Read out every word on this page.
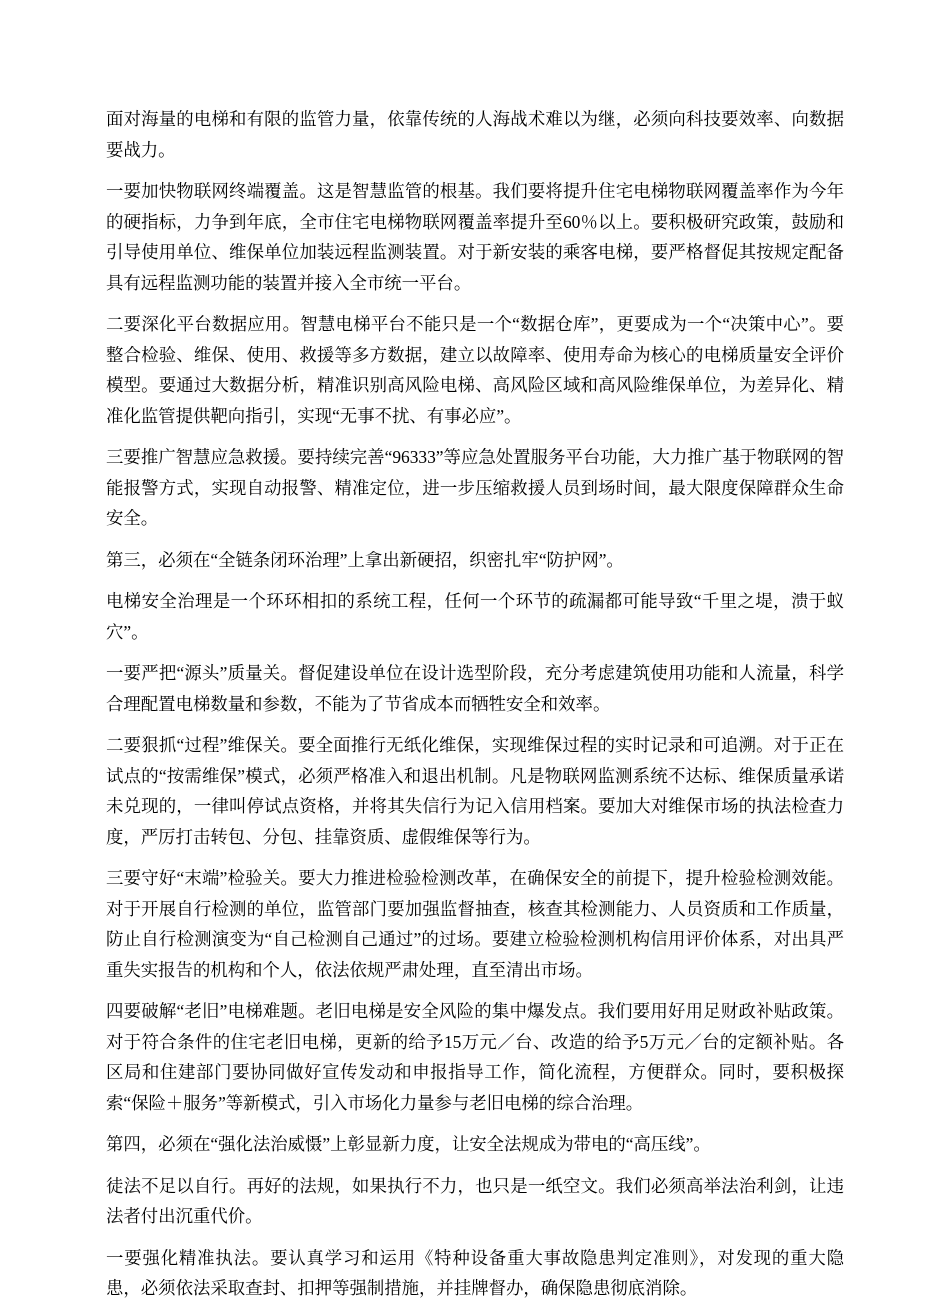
面对海量的电梯和有限的监管力量，依靠传统的人海战术难以为继，必须向科技要效率、向数据要战力。

一要加快物联网终端覆盖。这是智慧监管的根基。我们要将提升住宅电梯物联网覆盖率作为今年的硬指标，力争到年底，全市住宅电梯物联网覆盖率提升至60％以上。要积极研究政策，鼓励和引导使用单位、维保单位加装远程监测装置。对于新安装的乘客电梯，要严格督促其按规定配备具有远程监测功能的装置并接入全市统一平台。

二要深化平台数据应用。智慧电梯平台不能只是一个“数据仓库”，更要成为一个“决策中心”。要整合检验、维保、使用、救援等多方数据，建立以故障率、使用寿命为核心的电梯质量安全评价模型。要通过大数据分析，精准识别高风险电梯、高风险区域和高风险维保单位，为差异化、精准化监管提供靶向指引，实现“无事不扰、有事必应”。

三要推广智慧应急救援。要持续完善“96333”等应急处置服务平台功能，大力推广基于物联网的智能报警方式，实现自动报警、精准定位，进一步压缩救援人员到场时间，最大限度保障群众生命安全。

第三，必须在“全链条闭环治理”上拿出新硬招，织密扎牢“防护网”。

电梯安全治理是一个环环相扣的系统工程，任何一个环节的疏漏都可能导致“千里之堤，溃于蚁穴”。

一要严把“源头”质量关。督促建设单位在设计选型阶段，充分考虑建筑使用功能和人流量，科学合理配置电梯数量和参数，不能为了节省成本而牺牲安全和效率。

二要狠抓“过程”维保关。要全面推行无纸化维保，实现维保过程的实时记录和可追溯。对于正在试点的“按需维保”模式，必须严格准入和退出机制。凡是物联网监测系统不达标、维保质量承诺未兑现的，一律叫停试点资格，并将其失信行为记入信用档案。要加大对维保市场的执法检查力度，严厉打击转包、分包、挂靠资质、虚假维保等行为。

三要守好“末端”检验关。要大力推进检验检测改革，在确保安全的前提下，提升检验检测效能。对于开展自行检测的单位，监管部门要加强监督抽查，核查其检测能力、人员资质和工作质量，防止自行检测演变为“自己检测自己通过”的过场。要建立检验检测机构信用评价体系，对出具严重失实报告的机构和个人，依法依规严肃处理，直至清出市场。

四要破解“老旧”电梯难题。老旧电梯是安全风险的集中爆发点。我们要用好用足财政补贴政策。对于符合条件的住宅老旧电梯，更新的给予15万元／台、改造的给予5万元／台的定额补贴。各区局和住建部门要协同做好宣传发动和申报指导工作，简化流程，方便群众。同时，要积极探索“保险＋服务”等新模式，引入市场化力量参与老旧电梯的综合治理。

第四，必须在“强化法治威慑”上彰显新力度，让安全法规成为带电的“高压线”。

徒法不足以自行。再好的法规，如果执行不力，也只是一纸空文。我们必须高举法治利剑，让违法者付出沉重代价。

一要强化精准执法。要认真学习和运用《特种设备重大事故隐患判定准则》，对发现的重大隐患，必须依法采取查封、扣押等强制措施，并挂牌督办，确保隐患彻底消除。
